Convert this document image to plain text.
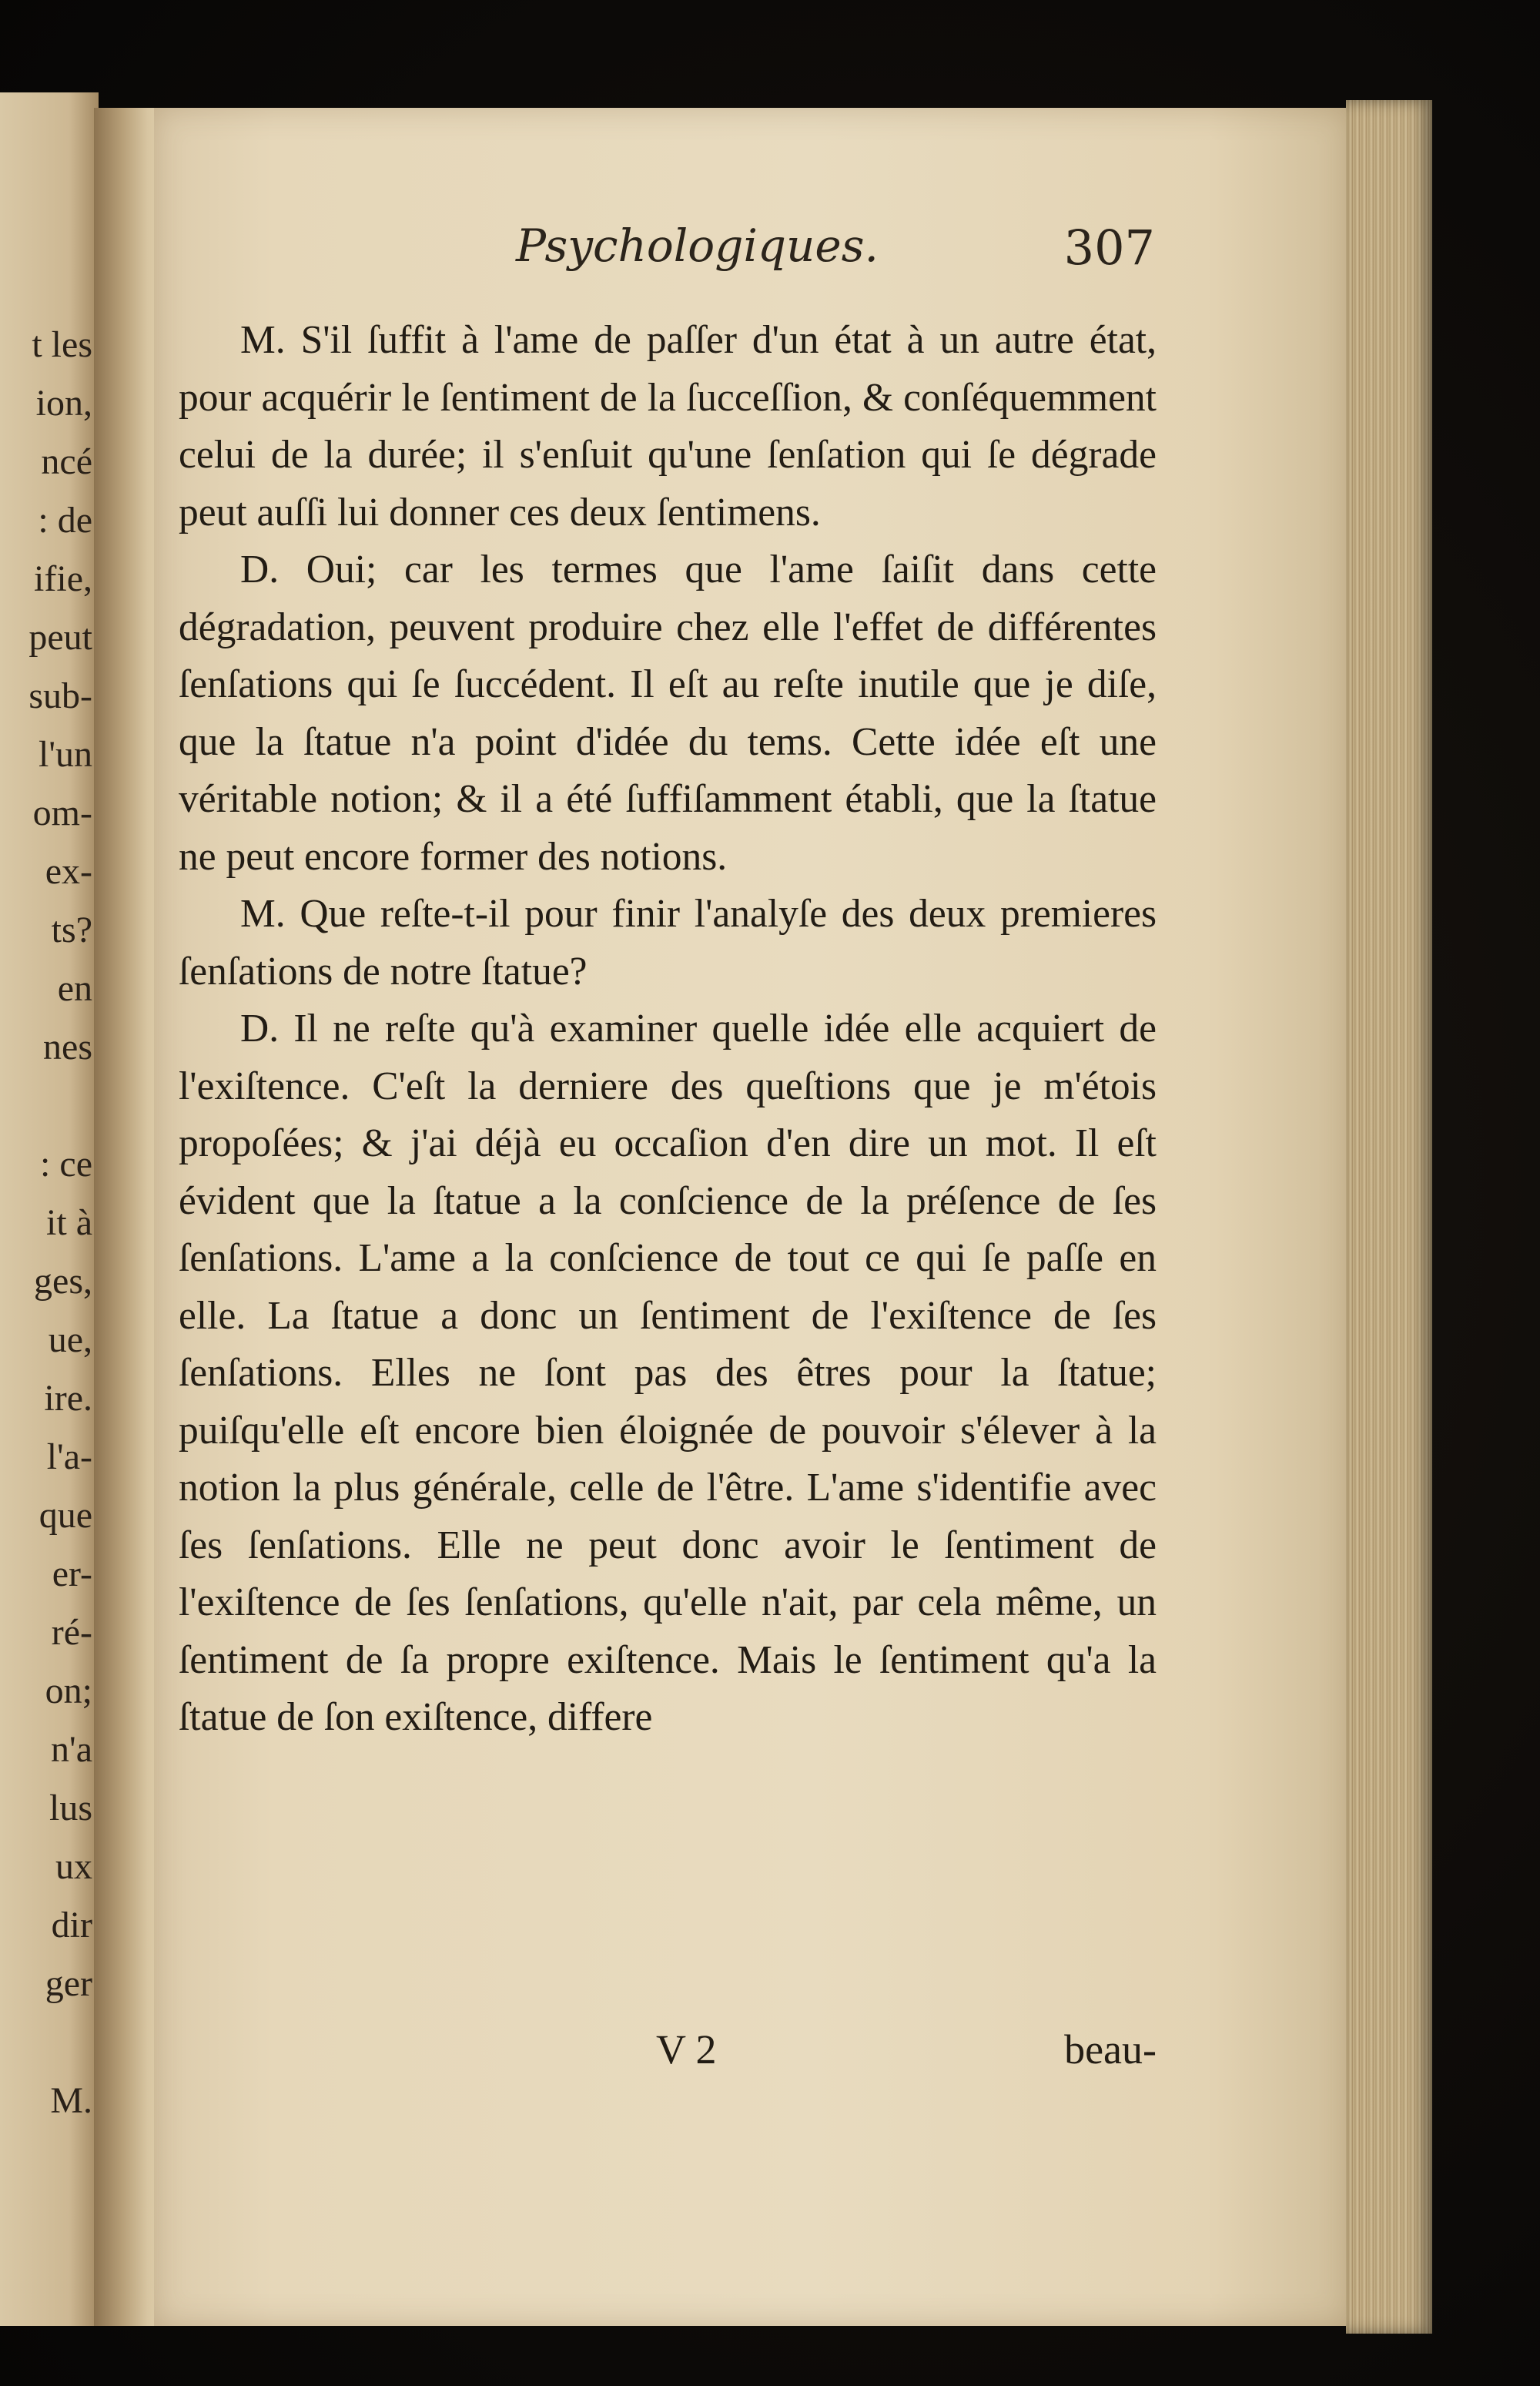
t les
ion,
ncé
: de
ifie,
peut
sub-
l'un
om-
ex-
ts?
en
nes
: ce
it à
ges,
ue,
ire.
l'a-
que
er-
ré-
on;
n'a
lus
ux
dir
ger
M.
Psychologiques.	307

M. S'il ſuffit à l'ame de paſſer d'un état à un autre état, pour acquérir le ſentiment de la ſucceſſion, & conſéquemment celui de la durée; il s'enſuit qu'une ſenſation qui ſe dégrade peut auſſi lui donner ces deux ſentimens.

D. Oui; car les termes que l'ame ſaiſit dans cette dégradation, peuvent produire chez elle l'effet de différentes ſenſations qui ſe ſuccédent. Il eſt au reſte inutile que je diſe, que la ſtatue n'a point d'idée du tems. Cette idée eſt une véritable notion; & il a été ſuffiſamment établi, que la ſtatue ne peut encore former des notions.

M. Que reſte-t-il pour finir l'analyſe des deux premieres ſenſations de notre ſtatue?

D. Il ne reſte qu'à examiner quelle idée elle acquiert de l'exiſtence. C'eſt la derniere des queſtions que je m'étois propoſées; & j'ai déjà eu occaſion d'en dire un mot. Il eſt évident que la ſtatue a la conſcience de la préſence de ſes ſenſations. L'ame a la conſcience de tout ce qui ſe paſſe en elle. La ſtatue a donc un ſentiment de l'exiſtence de ſes ſenſations. Elles ne ſont pas des êtres pour la ſtatue; puiſqu'elle eſt encore bien éloignée de pouvoir s'élever à la notion la plus générale, celle de l'être. L'ame s'identifie avec ſes ſenſations. Elle ne peut donc avoir le ſentiment de l'exiſtence de ſes ſenſations, qu'elle n'ait, par cela même, un ſentiment de ſa propre exiſtence. Mais le ſentiment qu'a la ſtatue de ſon exiſtence, differe

V 2	beau-
